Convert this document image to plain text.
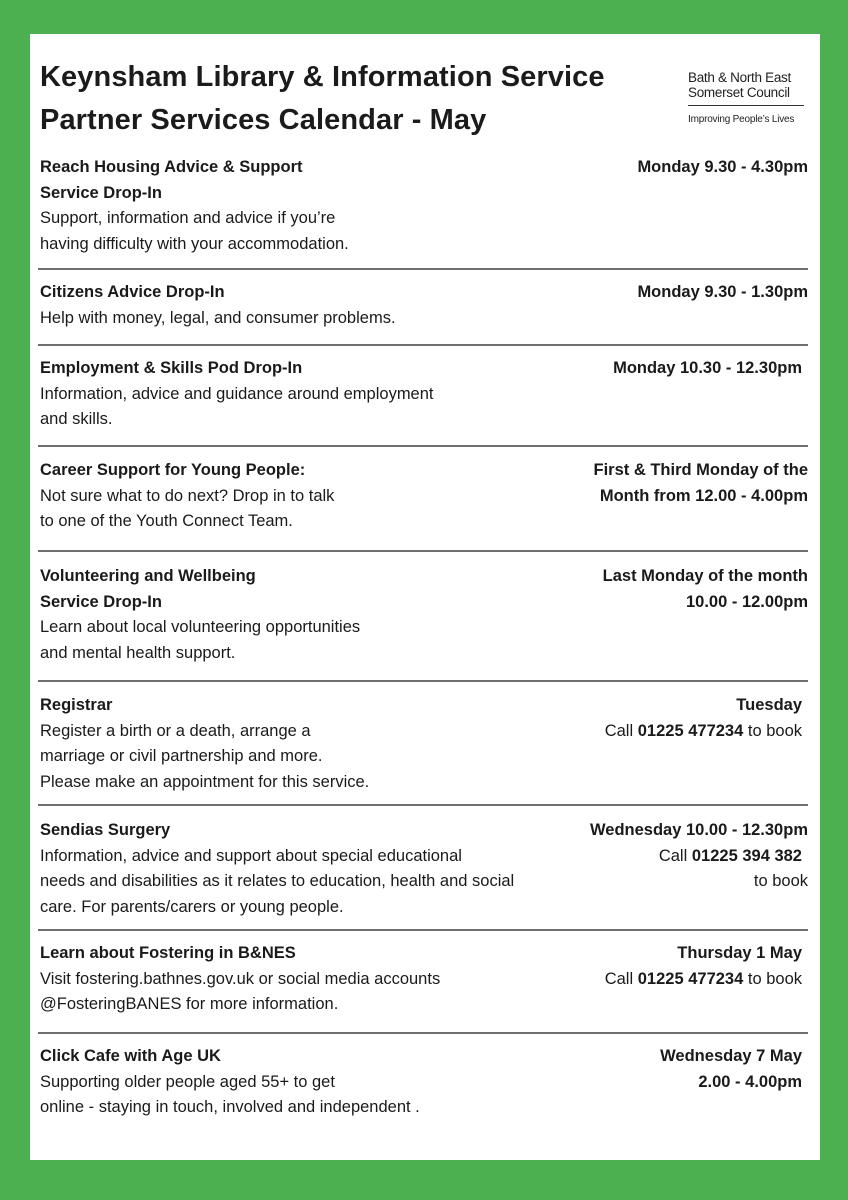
Keynsham Library & Information Service
Partner Services Calendar - May
Bath & North East
Somerset Council
Improving People’s Lives
Reach Housing Advice & Support
Service Drop-In
Support, information and advice if you’re
having difficulty with your accommodation.
Monday 9.30 - 4.30pm
Citizens Advice Drop-In
Help with money, legal, and consumer problems.
Monday 9.30 - 1.30pm
Employment & Skills Pod Drop-In
Information, advice and guidance around employment
and skills.
Monday 10.30 - 12.30pm
Career Support for Young People:
Not sure what to do next? Drop in to talk
to one of the Youth Connect Team.
First & Third Monday of the
Month from 12.00 - 4.00pm
Volunteering and Wellbeing
Service Drop-In
Learn about local volunteering opportunities
and mental health support.
Last Monday of the month
10.00 - 12.00pm
Registrar
Register a birth or a death, arrange a
marriage or civil partnership and more.
Please make an appointment for this service.
Tuesday
Call 01225 477234 to book
Sendias Surgery
Information, advice and support about special educational
needs and disabilities as it relates to education, health and social
care. For parents/carers or young people.
Wednesday 10.00 - 12.30pm
Call 01225 394 382
to book
Learn about Fostering in B&NES
Visit fostering.bathnes.gov.uk or social media accounts
@FosteringBANES for more information.
Thursday 1 May
Call 01225 477234 to book
Click Cafe with Age UK
Supporting older people aged 55+ to get
online - staying in touch, involved and independent .
Wednesday 7 May
2.00 - 4.00pm
